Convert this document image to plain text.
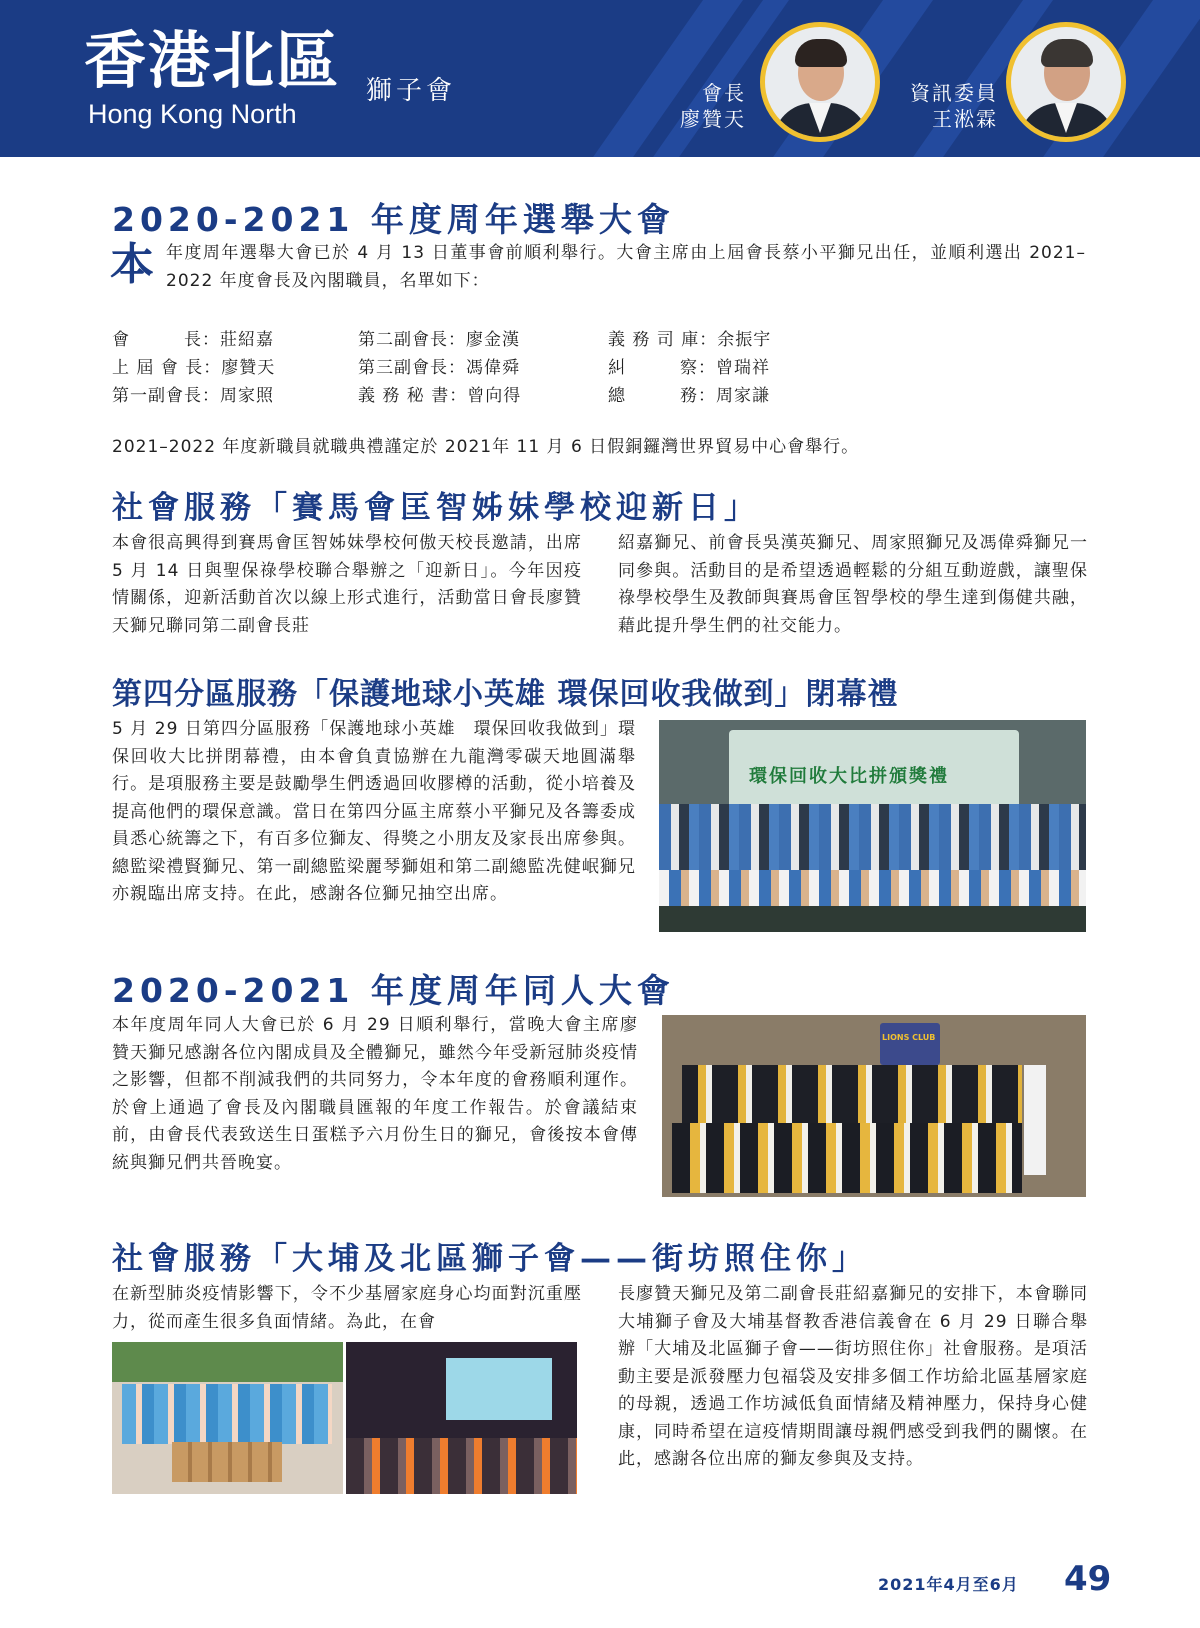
香港北區 獅子會
Hong Kong North
會長
廖贊天
資訊委員
王淞霖
2020-2021 年度周年選舉大會
本 年度周年選舉大會已於 4 月 13 日董事會前順利舉行。大會主席由上屆會長蔡小平獅兄出任，並順利選出 2021–2022 年度會長及內閣職員，名單如下：
會　　　長：莊紹嘉
上 屆 會 長：廖贊天
第一副會長：周家照
第二副會長：廖金漢
第三副會長：馮偉舜
義 務 秘 書：曾向得
義 務 司 庫：余振宇
糾　　　察：曾瑞祥
總　　　務：周家謙
2021–2022 年度新職員就職典禮謹定於 2021年 11 月 6 日假銅鑼灣世界貿易中心會舉行。
社會服務「賽馬會匡智姊妹學校迎新日」
本會很高興得到賽馬會匡智姊妹學校何傲天校長邀請，出席 5 月 14 日與聖保祿學校聯合舉辦之「迎新日」。今年因疫情關係，迎新活動首次以線上形式進行，活動當日會長廖贊天獅兄聯同第二副會長莊
紹嘉獅兄、前會長吳漢英獅兄、周家照獅兄及馮偉舜獅兄一同參與。活動目的是希望透過輕鬆的分組互動遊戲，讓聖保祿學校學生及教師與賽馬會匡智學校的學生達到傷健共融，藉此提升學生們的社交能力。
第四分區服務「保護地球小英雄 環保回收我做到」閉幕禮
5 月 29 日第四分區服務「保護地球小英雄　環保回收我做到」環保回收大比拼閉幕禮，由本會負責協辦在九龍灣零碳天地圓滿舉行。是項服務主要是鼓勵學生們透過回收膠樽的活動，從小培養及提高他們的環保意識。當日在第四分區主席蔡小平獅兄及各籌委成員悉心統籌之下，有百多位獅友、得獎之小朋友及家長出席參與。總監梁禮賢獅兄、第一副總監梁麗琴獅姐和第二副總監冼健岷獅兄亦親臨出席支持。在此，感謝各位獅兄抽空出席。
環保回收大比拼頒獎禮
2020-2021 年度周年同人大會
本年度周年同人大會已於 6 月 29 日順利舉行，當晚大會主席廖贊天獅兄感謝各位內閣成員及全體獅兄，雖然今年受新冠肺炎疫情之影響，但都不削減我們的共同努力，令本年度的會務順利運作。於會上通過了會長及內閣職員匯報的年度工作報告。於會議結束前，由會長代表致送生日蛋糕予六月份生日的獅兄，會後按本會傳統與獅兄們共晉晚宴。
LIONS CLUB
社會服務「大埔及北區獅子會——街坊照住你」
在新型肺炎疫情影響下，令不少基層家庭身心均面對沉重壓力，從而產生很多負面情緒。為此，在會
長廖贊天獅兄及第二副會長莊紹嘉獅兄的安排下，本會聯同大埔獅子會及大埔基督教香港信義會在 6 月 29 日聯合舉辦「大埔及北區獅子會——街坊照住你」社會服務。是項活動主要是派發壓力包福袋及安排多個工作坊給北區基層家庭的母親，透過工作坊減低負面情緒及精神壓力，保持身心健康，同時希望在這疫情期間讓母親們感受到我們的關懷。在此，感謝各位出席的獅友參與及支持。
2021年4月至6月 49
